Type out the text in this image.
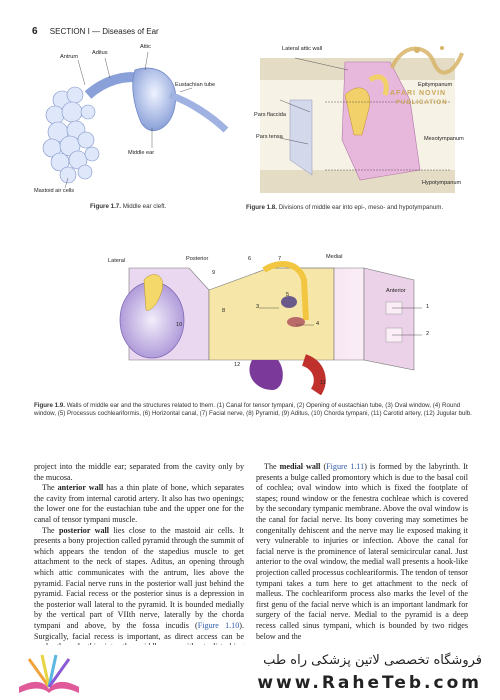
6 SECTION I — Diseases of Ear
Antrum
Aditus
Attic
Eustachian tube
Middle ear
Mastoid air cells
Figure 1.7. Middle ear cleft.
Lateral attic wall
Epitympanum
Pars flaccida
Pars tensa	Mesotympanum
Hypotympanum
Figure 1.8. Divisions of middle ear into epi-, meso- and hypotympanum.
AFARI NOVIN
PUBLICATION
Lateral	Posterior	Medial
Anterior
1
2
3
4
5
6	7
8
9
10
11
12
Figure 1.9. Walls of middle ear and the structures related to them. (1) Canal for tensor tympani, (2) Opening of eustachian tube, (3) Oval window, (4) Round window, (5) Processus cochleariformis, (6) Horizontal canal, (7) Facial nerve, (8) Pyramid, (9) Aditus, (10) Chorda tympani, (11) Carotid artery, (12) Jugular bulb.

project into the middle ear; separated from the cavity only by the mucosa.

The anterior wall has a thin plate of bone, which separates the cavity from internal carotid artery. It also has two openings; the lower one for the eustachian tube and the upper one for the canal of tensor tympani muscle.

The posterior wall lies close to the mastoid air cells. It presents a bony projection called pyramid through the summit of which appears the tendon of the stapedius muscle to get attachment to the neck of stapes. Aditus, an opening through which attic communicates with the antrum, lies above the pyramid. Facial nerve runs in the posterior wall just behind the pyramid. Facial recess or the posterior sinus is a depression in the posterior wall lateral to the pyramid. It is bounded medially by the vertical part of VIIth nerve, laterally by the chorda tympani and above, by the fossa incudis (Figure 1.10). Surgically, facial recess is important, as direct access can be

The medial wall (Figure 1.11) is formed by the labyrinth. It presents a bulge called promontory which is due to the basal coil of cochlea; oval window into which is fixed the footplate of stapes; round window or the fenestra cochleae which is covered by the secondary tympanic membrane. Above the oval window is the canal for facial nerve. Its bony covering may sometimes be congenitally dehiscent and the nerve may lie exposed making it very vulnerable to injuries or infection. Above the canal for facial nerve is the prominence of lateral semicircular canal. Just anterior to the oval window, the medial wall presents a hook-like projection called processus cochleariformis. The tendon of tensor tympani takes a turn here to get attachment to the neck of malleus. The cochleariform process also marks the level of the first genu of the facial nerve which is an important landmark for surgery of the facial nerve. Medial to the pyramid is a deep recess called sinus tympani, which is bounded by two ridges below and the

فروشگاه تخصصی لاتین پزشکی راه طب
www.RaheTeb.com
